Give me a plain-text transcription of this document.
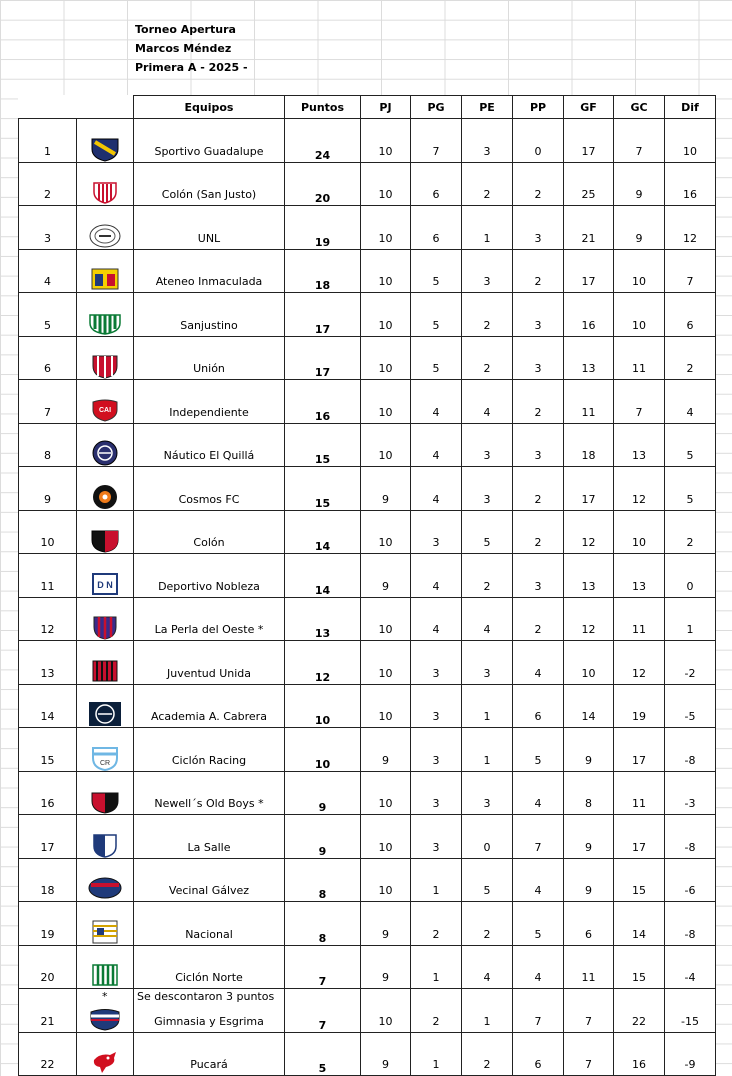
Torneo Apertura
Marcos Méndez
Primera A - 2025 -
		Equipos	Puntos	PJ	PG	PE	PP	GF	GC	Dif
1		Sportivo Guadalupe	24	10	7	3	0	17	7	10
2		Colón (San Justo)	20	10	6	2	2	25	9	16
3		UNL	19	10	6	1	3	21	9	12
4		Ateneo Inmaculada	18	10	5	3	2	17	10	7
5		Sanjustino	17	10	5	2	3	16	10	6
6		Unión	17	10	5	2	3	13	11	2
7	CAI	Independiente	16	10	4	4	2	11	7	4
8		Náutico El Quillá	15	10	4	3	3	18	13	5
9		Cosmos FC	15	9	4	3	2	17	12	5
10		Colón	14	10	3	5	2	12	10	2
11	D N	Deportivo Nobleza	14	9	4	2	3	13	13	0
12		La Perla del Oeste *	13	10	4	4	2	12	11	1
13		Juventud Unida	12	10	3	3	4	10	12	-2
14		Academia A. Cabrera	10	10	3	1	6	14	19	-5
15	CR	Ciclón Racing	10	9	3	1	5	9	17	-8
16		Newell´s Old Boys *	9	10	3	3	4	8	11	-3
17		La Salle	9	10	3	0	7	9	17	-8
18		Vecinal Gálvez	8	10	1	5	4	9	15	-6
19		Nacional	8	9	2	2	5	6	14	-8
20		Ciclón Norte	7	9	1	4	4	11	15	-4
21		Gimnasia y Esgrima	7	10	2	1	7	7	22	-15
22		Pucará	5	9	1	2	6	7	16	-9
*	Se descontaron 3 puntos
